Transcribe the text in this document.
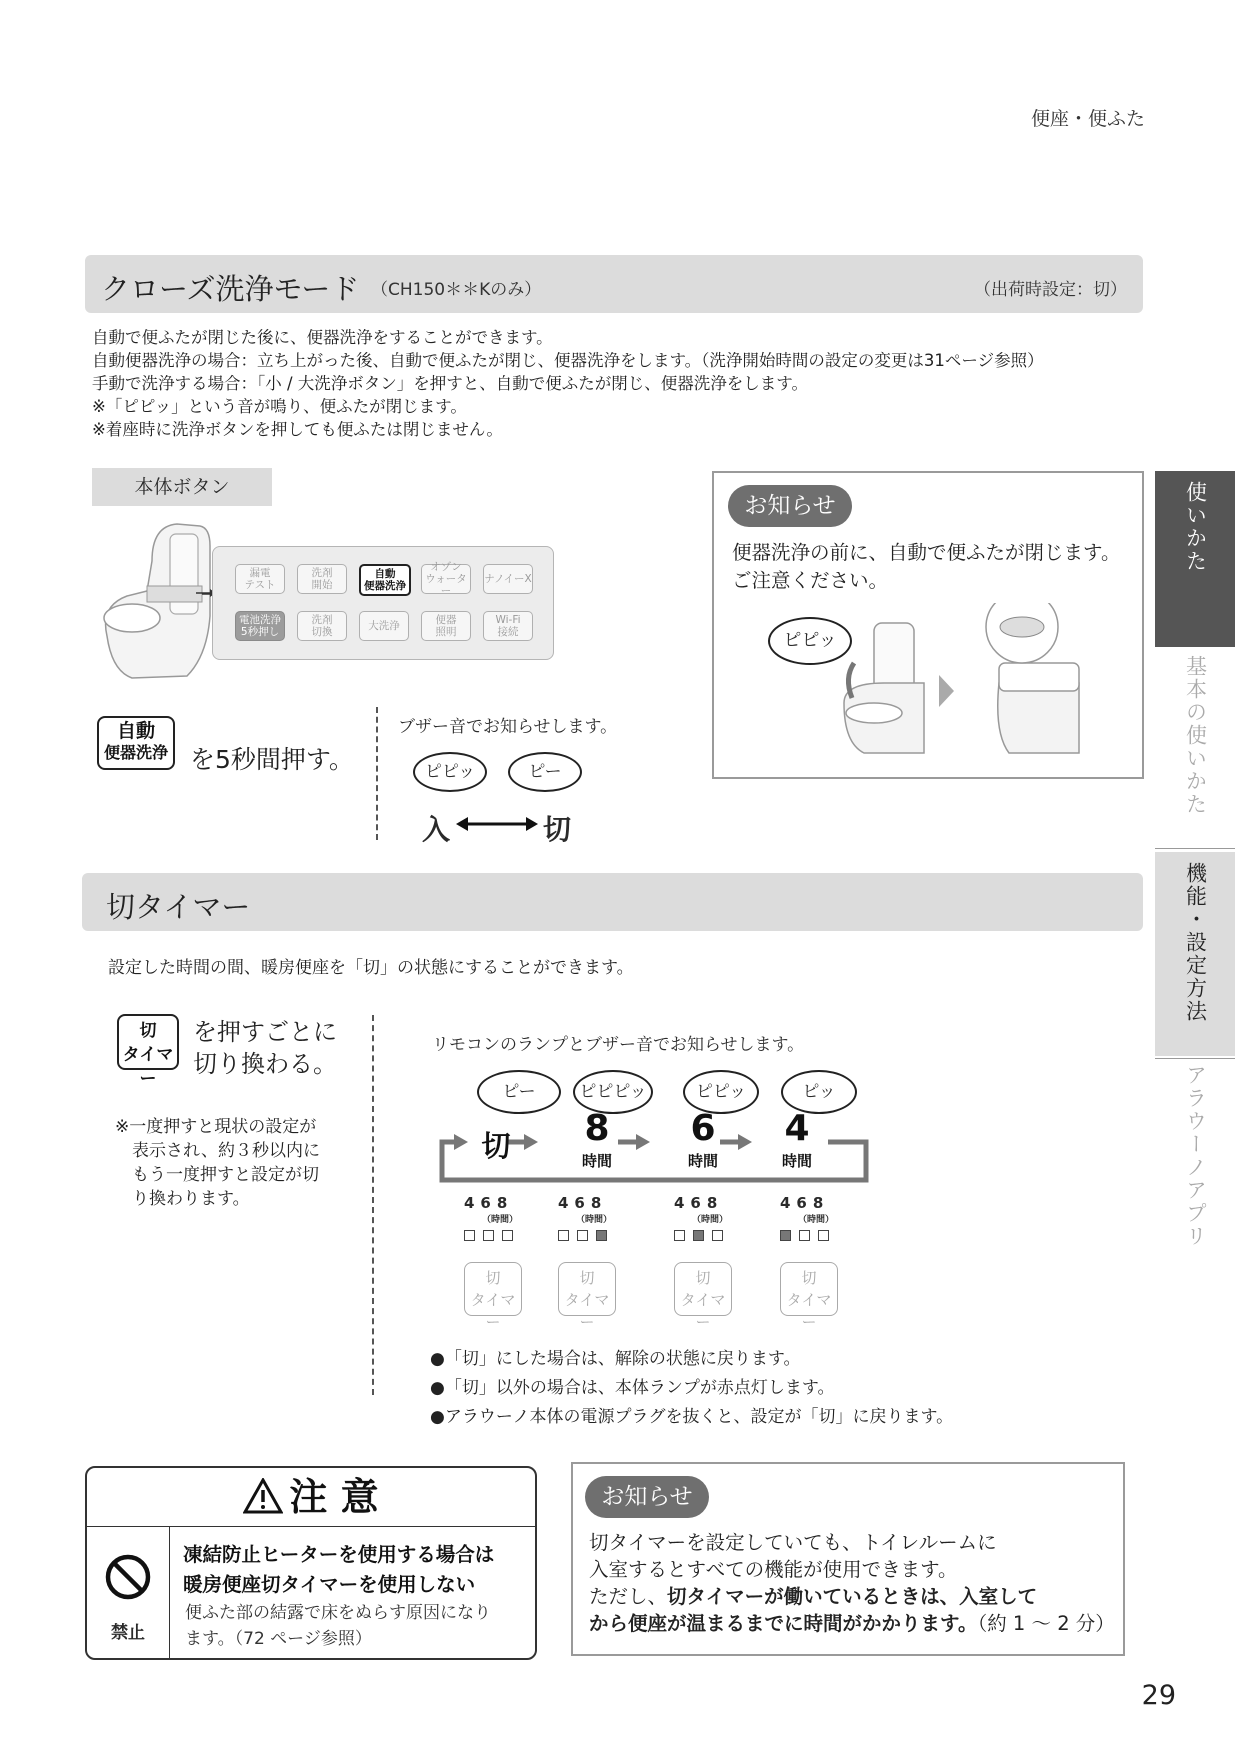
便座・便ふた
クローズ洗浄モード （CH150＊＊Kのみ）	（出荷時設定：切）
自動で便ふたが閉じた後に、便器洗浄をすることができます。
自動便器洗浄の場合：立ち上がった後、自動で便ふたが閉じ、便器洗浄をします。（洗浄開始時間の設定の変更は31ページ参照）
手動で洗浄する場合：「小 / 大洗浄ボタン」を押すと、自動で便ふたが閉じ、便器洗浄をします。
※「ピピッ」という音が鳴り、便ふたが閉じます。
※着座時に洗浄ボタンを押しても便ふたは閉じません。
本体ボタン
漏電
テスト
洗剤
開始
自動
便器洗浄
オゾン
ウォーター
ナノイーX
電池洗浄
5秒押し
洗剤
切換	大洗浄	便器
照明
Wi-Fi
接続
自動
便器洗浄 を5秒間押す。
ブザー音でお知らせします。
ピピッ	ピー
入	切
お知らせ
便器洗浄の前に、自動で便ふたが閉じます。
ご注意ください。
ピピッ
切タイマー
設定した時間の間、暖房便座を「切」の状態にすることができます。
切
タイマー
を押すごとに
切り換わる。
※一度押すと現状の設定が
表示され、約３秒以内に
もう一度押すと設定が切
り換わります。
リモコンのランプとブザー音でお知らせします。
ピー	ピピピッ	ピピッ	ピッ
切	8
時間
6
時間
4
時間
468
（時間）
468
（時間）
468
（時間）
468
（時間）
切
タイマー
切
タイマー
切
タイマー
切
タイマー
●「切」にした場合は、解除の状態に戻ります。
●「切」以外の場合は、本体ランプが赤点灯します。
●アラウーノ本体の電源プラグを抜くと、設定が「切」に戻ります。
注 意
禁止
凍結防止ヒーターを使用する場合は
暖房便座切タイマーを使用しない
便ふた部の結露で床をぬらす原因になり
ます。（72 ページ参照）
お知らせ
切タイマーを設定していても、トイレルームに
入室するとすべての機能が使用できます。
ただし、切タイマーが働いているときは、入室して
から便座が温まるまでに時間がかかります。（約 1 〜 2 分）
使いかた
基本の使いかた
機能・設定方法
アラウーノアプリ
29
